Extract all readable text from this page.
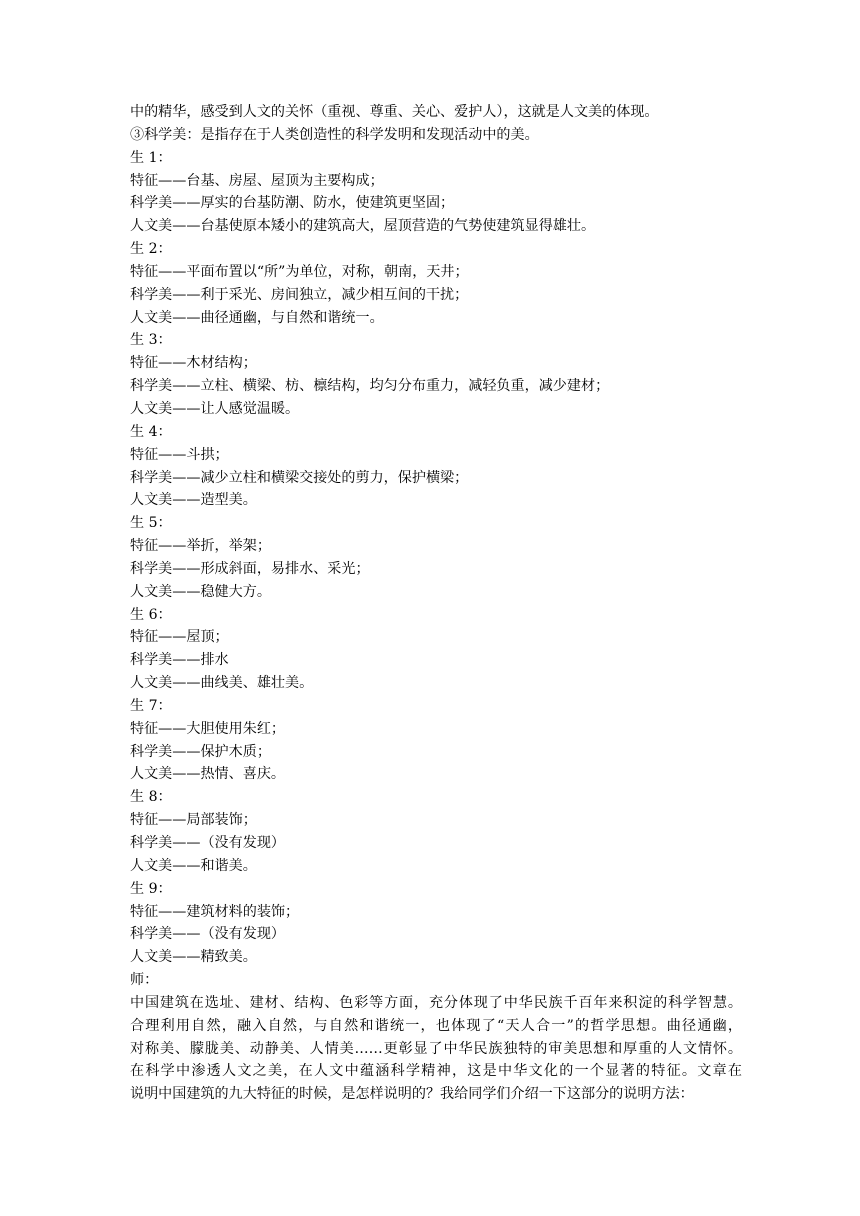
中的精华，感受到人文的关怀（重视、尊重、关心、爱护人），这就是人文美的体现。
③科学美：是指存在于人类创造性的科学发明和发现活动中的美。
生 1：
特征——台基、房屋、屋顶为主要构成；
科学美——厚实的台基防潮、防水，使建筑更坚固；
人文美——台基使原本矮小的建筑高大，屋顶营造的气势使建筑显得雄壮。
生 2：
特征——平面布置以“所”为单位，对称，朝南，天井；
科学美——利于采光、房间独立，减少相互间的干扰；
人文美——曲径通幽，与自然和谐统一。
生 3：
特征——木材结构；
科学美——立柱、横梁、枋、檩结构，均匀分布重力，减轻负重，减少建材；
人文美——让人感觉温暖。
生 4：
特征——斗拱；
科学美——减少立柱和横梁交接处的剪力，保护横梁；
人文美——造型美。
生 5：
特征——举折，举架；
科学美——形成斜面，易排水、采光；
人文美——稳健大方。
生 6：
特征——屋顶；
科学美——排水
人文美——曲线美、雄壮美。
生 7：
特征——大胆使用朱红；
科学美——保护木质；
人文美——热情、喜庆。
生 8：
特征——局部装饰；
科学美——（没有发现）
人文美——和谐美。
生 9：
特征——建筑材料的装饰；
科学美——（没有发现）
人文美——精致美。
师：
中国建筑在选址、建材、结构、色彩等方面，充分体现了中华民族千百年来积淀的科学智慧。
合理利用自然，融入自然，与自然和谐统一，也体现了“天人合一”的哲学思想。曲径通幽，
对称美、朦胧美、动静美、人情美……更彰显了中华民族独特的审美思想和厚重的人文情怀。
在科学中渗透人文之美，在人文中蕴涵科学精神，这是中华文化的一个显著的特征。文章在
说明中国建筑的九大特征的时候，是怎样说明的？我给同学们介绍一下这部分的说明方法：
